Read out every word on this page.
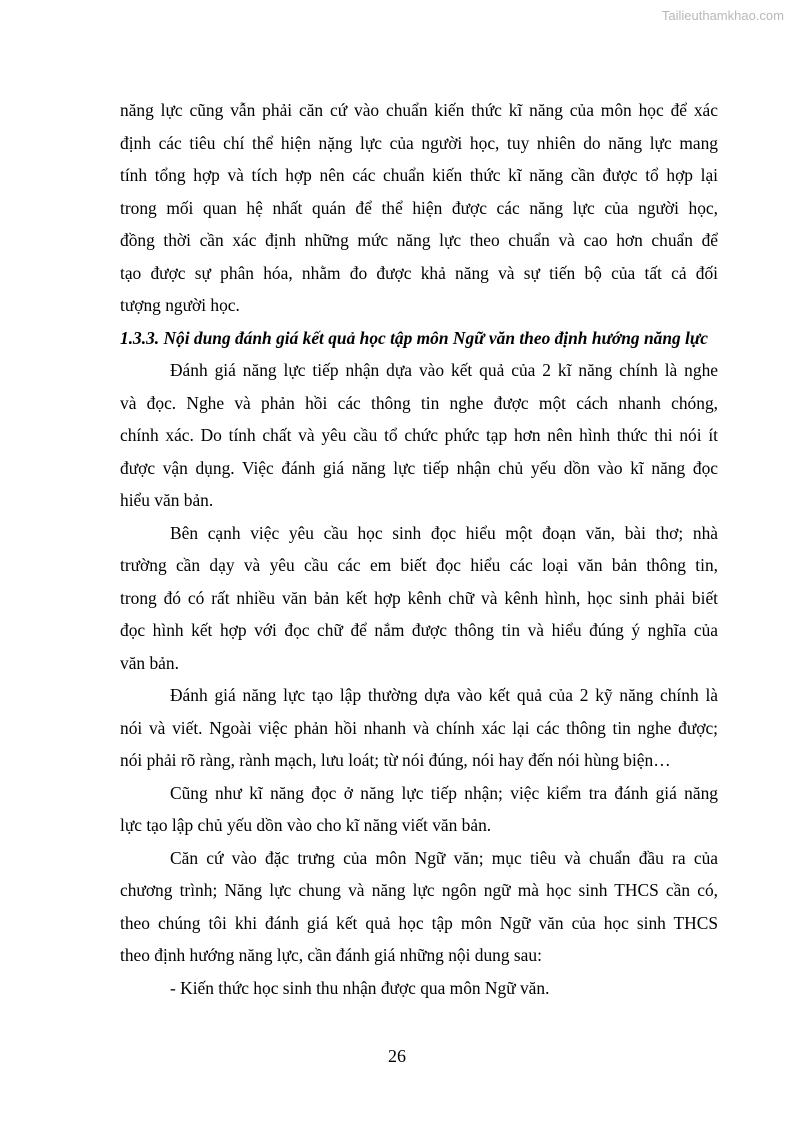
Tailieuthamkhao.com
năng lực cũng vẫn phải căn cứ vào chuẩn kiến thức kĩ năng của môn học để xác
định các tiêu chí thể hiện nặng lực của người học, tuy nhiên do năng lực mang
tính tổng hợp và tích hợp nên các chuẩn kiến thức kĩ năng cần được tổ hợp lại
trong mối quan hệ nhất quán để thể hiện được các năng lực của người học,
đồng thời cần xác định những mức năng lực theo chuẩn và cao hơn chuẩn để
tạo được sự phân hóa, nhằm đo được khả năng và sự tiến bộ của tất cả đối
tượng người học.
1.3.3. Nội dung đánh giá kết quả học tập môn Ngữ văn theo định hướng năng lực
Đánh giá năng lực tiếp nhận dựa vào kết quả của 2 kĩ năng chính là nghe
và đọc. Nghe và phản hồi các thông tin nghe được một cách nhanh chóng,
chính xác. Do tính chất và yêu cầu tổ chức phức tạp hơn nên hình thức thi nói ít
được vận dụng. Việc đánh giá năng lực tiếp nhận chủ yếu dồn vào kĩ năng đọc
hiểu văn bản.
Bên cạnh việc yêu cầu học sinh đọc hiểu một đoạn văn, bài thơ; nhà
trường cần dạy và yêu cầu các em biết đọc hiểu các loại văn bản thông tin,
trong đó có rất nhiều văn bản kết hợp kênh chữ và kênh hình, học sinh phải biết
đọc hình kết hợp với đọc chữ để nắm được thông tin và hiểu đúng ý nghĩa của
văn bản.
Đánh giá năng lực tạo lập thường dựa vào kết quả của 2 kỹ năng chính là
nói và viết. Ngoài việc phản hồi nhanh và chính xác lại các thông tin nghe được;
nói phải rõ ràng, rành mạch, lưu loát; từ nói đúng, nói hay đến nói hùng biện…
Cũng như kĩ năng đọc ở năng lực tiếp nhận; việc kiểm tra đánh giá năng
lực tạo lập chủ yếu dồn vào cho kĩ năng viết văn bản.
Căn cứ vào đặc trưng của môn Ngữ văn; mục tiêu và chuẩn đầu ra của
chương trình; Năng lực chung và năng lực ngôn ngữ mà học sinh THCS cần có,
theo chúng tôi khi đánh giá kết quả học tập môn Ngữ văn của học sinh THCS
theo định hướng năng lực, cần đánh giá những nội dung sau:
- Kiến thức học sinh thu nhận được qua môn Ngữ văn.
26
